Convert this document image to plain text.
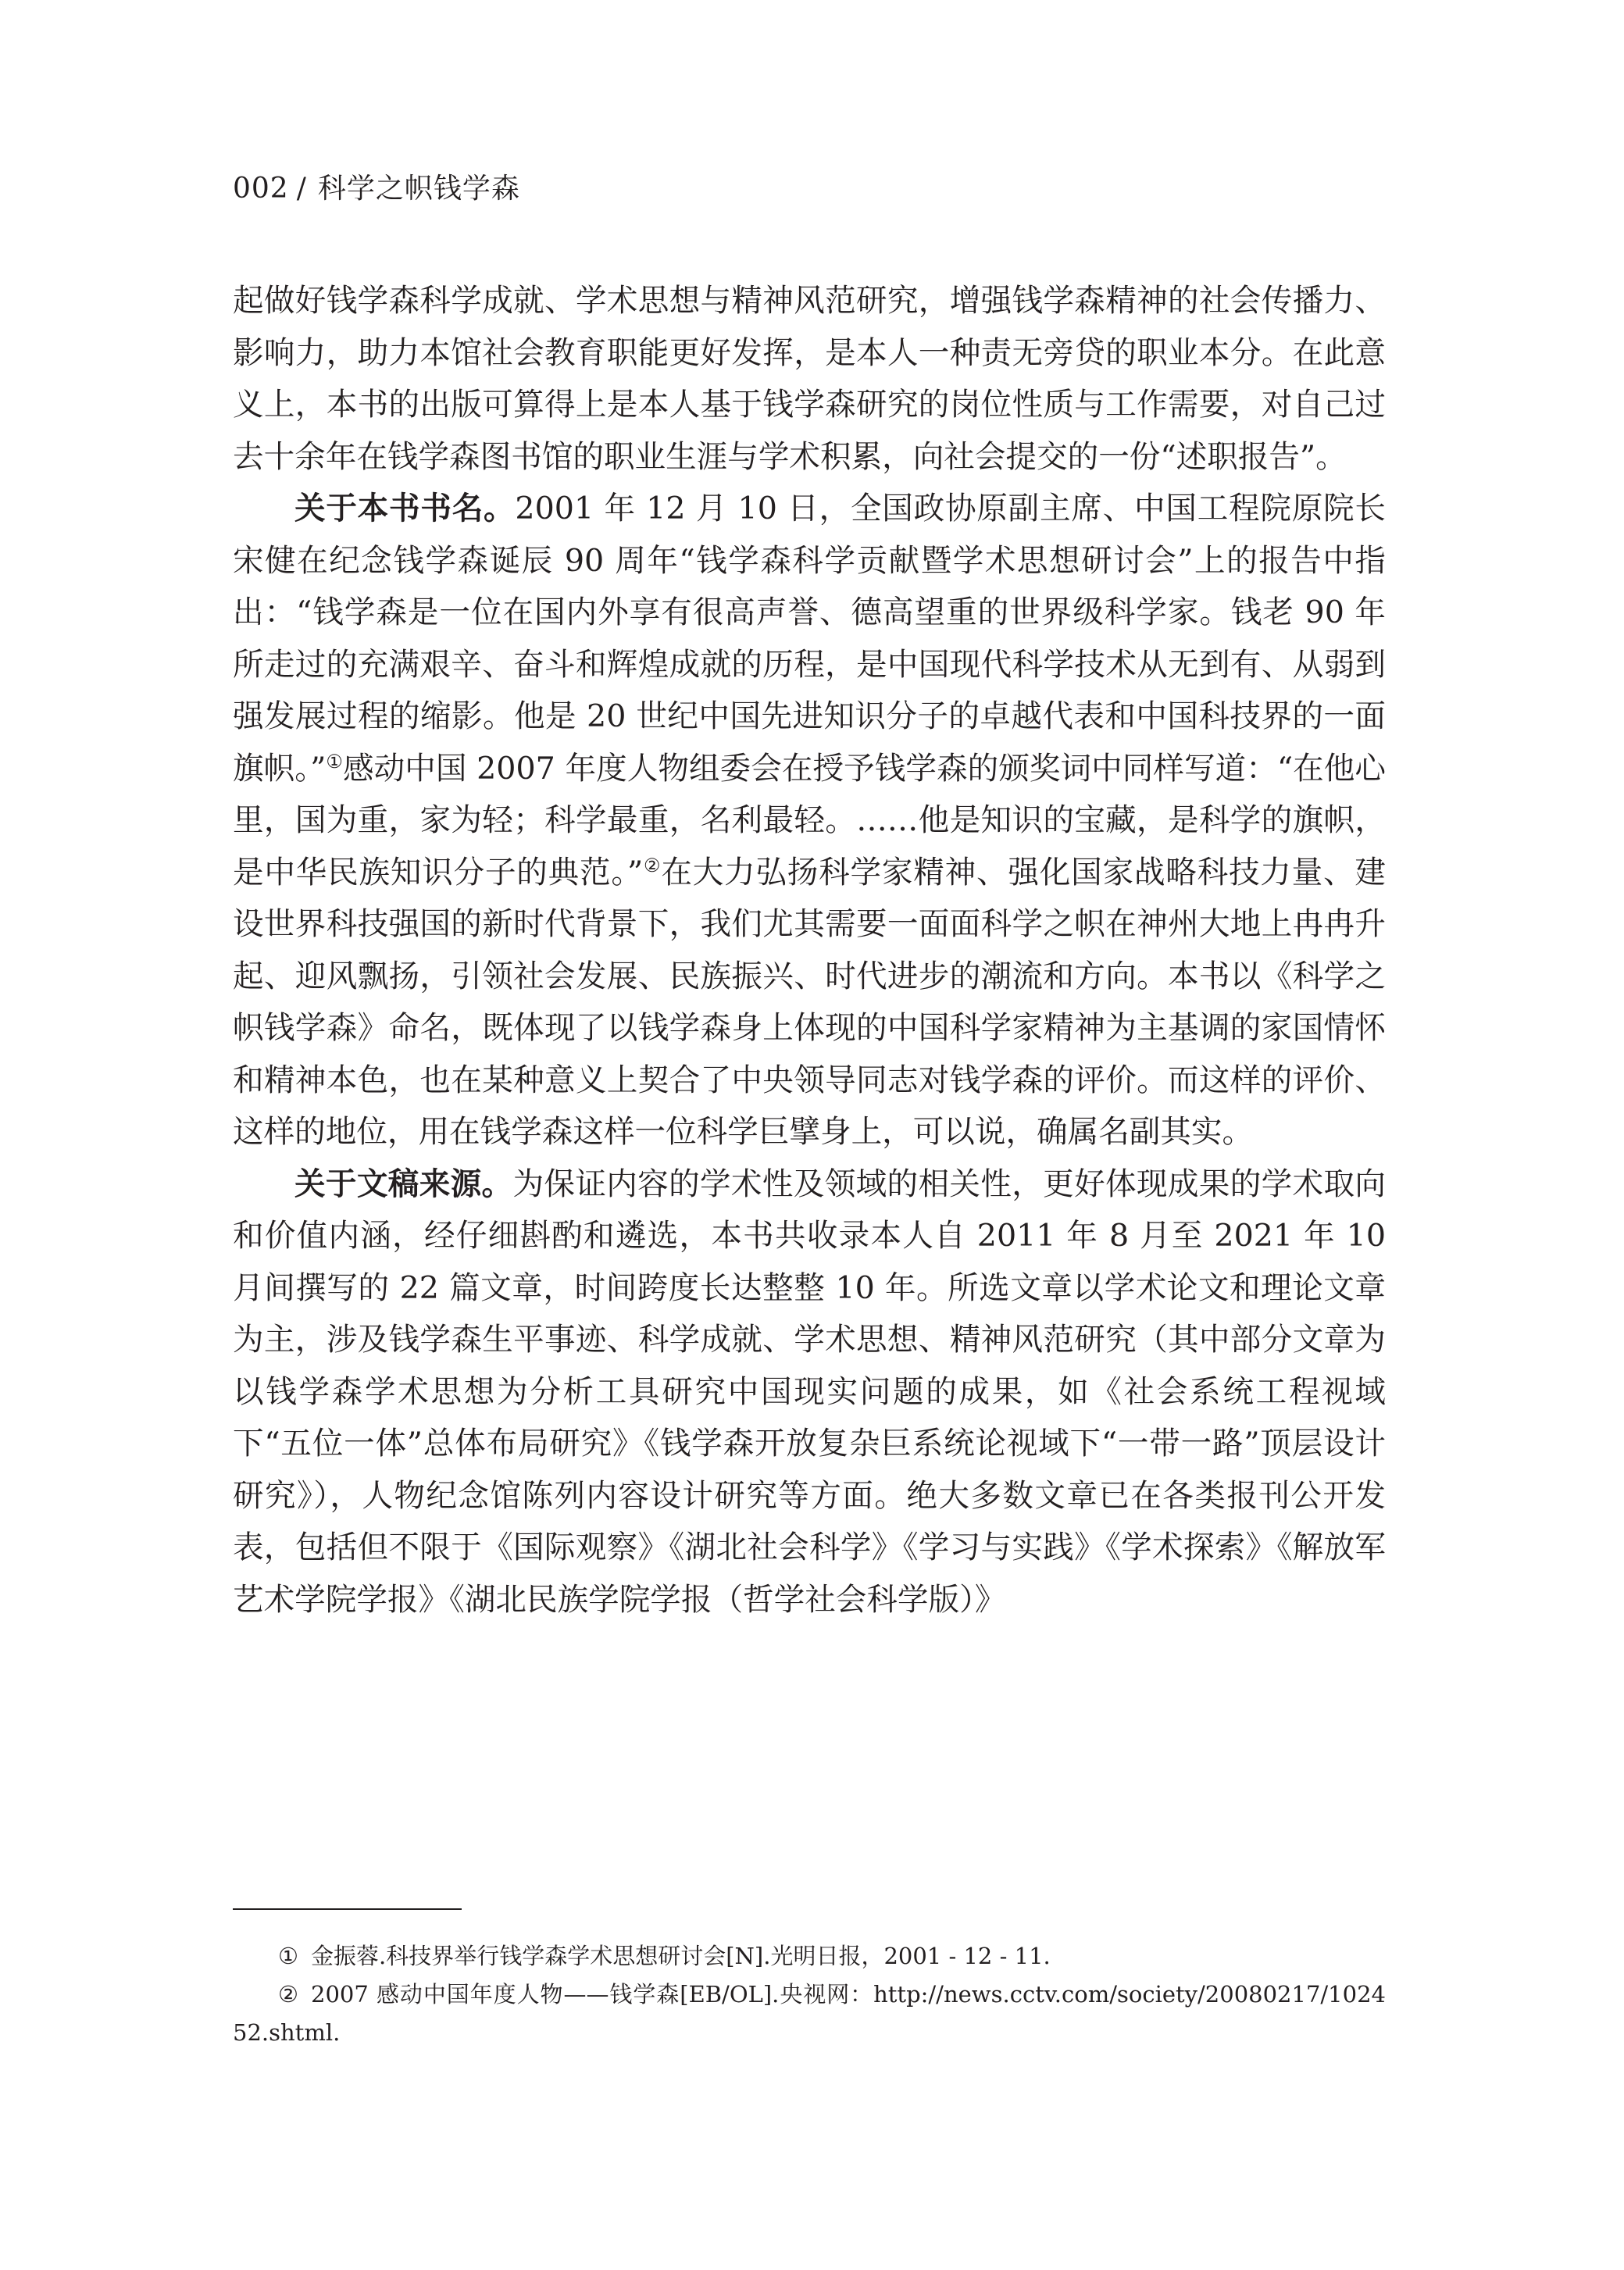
002 / 科学之帜钱学森

起做好钱学森科学成就、学术思想与精神风范研究，增强钱学森精神的社会传播力、影响力，助力本馆社会教育职能更好发挥，是本人一种责无旁贷的职业本分。在此意义上，本书的出版可算得上是本人基于钱学森研究的岗位性质与工作需要，对自己过去十余年在钱学森图书馆的职业生涯与学术积累，向社会提交的一份“述职报告”。

关于本书书名。2001 年 12 月 10 日，全国政协原副主席、中国工程院原院长宋健在纪念钱学森诞辰 90 周年“钱学森科学贡献暨学术思想研讨会”上的报告中指出：“钱学森是一位在国内外享有很高声誉、德高望重的世界级科学家。钱老 90 年所走过的充满艰辛、奋斗和辉煌成就的历程，是中国现代科学技术从无到有、从弱到强发展过程的缩影。他是 20 世纪中国先进知识分子的卓越代表和中国科技界的一面旗帜。”①感动中国 2007 年度人物组委会在授予钱学森的颁奖词中同样写道：“在他心里，国为重，家为轻；科学最重，名利最轻。……他是知识的宝藏，是科学的旗帜，是中华民族知识分子的典范。”②在大力弘扬科学家精神、强化国家战略科技力量、建设世界科技强国的新时代背景下，我们尤其需要一面面科学之帜在神州大地上冉冉升起、迎风飘扬，引领社会发展、民族振兴、时代进步的潮流和方向。本书以《科学之帜钱学森》命名，既体现了以钱学森身上体现的中国科学家精神为主基调的家国情怀和精神本色，也在某种意义上契合了中央领导同志对钱学森的评价。而这样的评价、这样的地位，用在钱学森这样一位科学巨擘身上，可以说，确属名副其实。

关于文稿来源。为保证内容的学术性及领域的相关性，更好体现成果的学术取向和价值内涵，经仔细斟酌和遴选，本书共收录本人自 2011 年 8 月至 2021 年 10 月间撰写的 22 篇文章，时间跨度长达整整 10 年。所选文章以学术论文和理论文章为主，涉及钱学森生平事迹、科学成就、学术思想、精神风范研究（其中部分文章为以钱学森学术思想为分析工具研究中国现实问题的成果，如《社会系统工程视域下“五位一体”总体布局研究》《钱学森开放复杂巨系统论视域下“一带一路”顶层设计研究》），人物纪念馆陈列内容设计研究等方面。绝大多数文章已在各类报刊公开发表，包括但不限于《国际观察》《湖北社会科学》《学习与实践》《学术探索》《解放军艺术学院学报》《湖北民族学院学报（哲学社会科学版）》

① 金振蓉.科技界举行钱学森学术思想研讨会[N].光明日报，2001 - 12 - 11.

② 2007 感动中国年度人物——钱学森[EB/OL].央视网：http://news.cctv.com/society/20080217/102452.shtml.
